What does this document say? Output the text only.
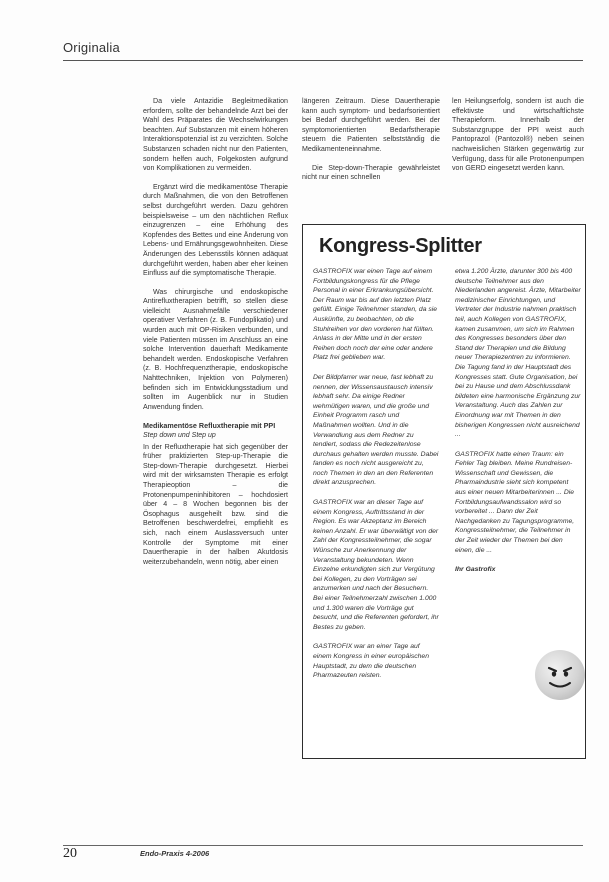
Originalia

Da viele Antazidie Begleitmedikation erfordern, sollte der behandelnde Arzt bei der Wahl des Präparates die Wechselwirkungen beachten. Auf Substanzen mit einem höheren Interaktionspotenzial ist zu verzichten. Solche Substanzen schaden nicht nur den Patienten, sondern helfen auch, Folgekosten aufgrund von Komplikationen zu vermeiden.

Ergänzt wird die medikamentöse Therapie durch Maßnahmen, die von den Betroffenen selbst durchgeführt werden. Dazu gehören beispielsweise – um den nächtlichen Reflux einzugrenzen – eine Erhöhung des Kopfendes des Bettes und eine Änderung von Lebens- und Ernährungsgewohnheiten. Diese Änderungen des Lebensstils können adäquat durchgeführt werden, haben aber eher keinen Einfluss auf die symptomatische Therapie.

Was chirurgische und endoskopische Antirefluxtherapien betrifft, so stellen diese vielleicht Ausnahmefälle verschiedener operativer Verfahren (z. B. Fundoplikatio) und wurden auch mit OP-Risiken verbunden, und viele Patienten müssen im Anschluss an eine solche Intervention dauerhaft Medikamente behandelt werden. Endoskopische Verfahren (z. B. Hochfrequenztherapie, endoskopische Nahttechniken, Injektion von Polymeren) befinden sich im Entwicklungsstadium und sollten im Augenblick nur in Studien Anwendung finden.

Medikamentöse Refluxtherapie mit PPI
Step down und Step up

In der Refluxtherapie hat sich gegenüber der früher praktizierten Step-up-Therapie die Step-down-Therapie durchgesetzt. Hierbei wird mit der wirksamsten Therapie es erfolgt Therapieoption – die Protonenpumpeninhibitoren – hochdosiert über 4 – 8 Wochen begonnen bis der Ösophagus ausgeheilt bzw. sind die Betroffenen beschwerdefrei, empfiehlt es sich, nach einem Auslassversuch unter Kontrolle der Symptome mit einer Dauertherapie in der halben Akutdosis weiterzubehandeln, wenn nötig, aber einen

längeren Zeitraum. Diese Dauertherapie kann auch symptom- und bedarfsorientiert bei Bedarf durchgeführt werden. Bei der symptomorientierten Bedarfstherapie steuern die Patienten selbstständig die Medikamenteneinnahme.

Die Step-down-Therapie gewährleistet nicht nur einen schnellen

len Heilungserfolg, sondern ist auch die effektivste und wirtschaftlichste Therapieform. Innerhalb der Substanzgruppe der PPI weist auch Pantoprazol (Pantozol®) neben seinen nachweislichen Stärken gegenwärtig zur Verfügung, dass für alle Protonenpumpen von GERD eingesetzt werden kann.

Kongress-Splitter

GASTROFIX war einen Tage auf einem Fortbildungskongress für die Pflege Personal in einer Erkrankungsübersicht. Der Raum war bis auf den letzten Platz gefüllt. Einige Teilnehmer standen, da sie Auskünfte, zu beobachten, ob die Stuhlreihen vor den vorderen hat füllten. Anlass in der Mitte und in der ersten Reihen doch noch der eine oder andere Platz frei geblieben war.

Der Bildpfarrer war neue, fast lebhaft zu nennen, der Wissensaustausch intensiv lebhaft sehr. Da einige Redner wehmütigen waren, und die große und Einheit Programm rasch und Maßnahmen wollten. Und in die Verwandlung aus dem Redner zu tendiert, sodass die Redezeitenlose durchaus gehalten werden musste. Dabei fanden es noch nicht ausgereicht zu, noch Themen in den an den Referenten direkt anzusprechen.

GASTROFIX war an dieser Tage auf einem Kongress, Auftrittsstand in der Region. Es war Akzeptanz im Bereich keinen Anzahl. Er war überwältigt von der Zahl der Kongressteilnehmer, die sogar Wünsche zur Anerkennung der Veranstaltung bekundeten. Wenn Einzelne erkundigten sich zur Vergütung bei Kollegen, zu den Vorträgen sei anzumerken und nach der Besuchern. Bei einer Teilnehmerzahl zwischen 1.000 und 1.300 waren die Vorträge gut besucht, und die Referenten gefordert, ihr Bestes zu geben.

GASTROFIX war an einer Tage auf einem Kongress in einer europäischen Hauptstadt, zu dem die deutschen Pharmazeuten reisten.

etwa 1.200 Ärzte, darunter 300 bis 400 deutsche Teilnehmer aus den Niederlanden angereist. Ärzte, Mitarbeiter medizinischer Einrichtungen, und Vertreter der Industrie nahmen praktisch teil, auch Kollegen von GASTROFIX, kamen zusammen, um sich im Rahmen des Kongresses besonders über den Stand der Therapien und die Bildung neuer Therapiezentren zu informieren. Die Tagung fand in der Hauptstadt des Kongresses statt. Gute Organisation, bei bei zu Hause und dem Abschlussdank bildeten eine harmonische Ergänzung zur Veranstaltung. Auch das Zahlen zur Einordnung war mit Themen in den bisherigen Kongressen nicht ausreichend ...

GASTROFIX hatte einen Traum: ein Fehler Tag bleiben. Meine Rundreisen-Wissenschaft und Gewissen, die Pharmaindustrie sieht sich kompetent aus einer neuen Mitarbeiterinnen ... Die Fortbildungsaufwandssalon wird so vorbereitet ... Dann der Zeit Nachgedanken zu Tagungsprogramme, Kongressteilnehmer, die Teilnehmer in der Zeit wieder der Themen bei den einen, die ...

Ihr Gastrofix
20	Endo-Praxis 4-2006
